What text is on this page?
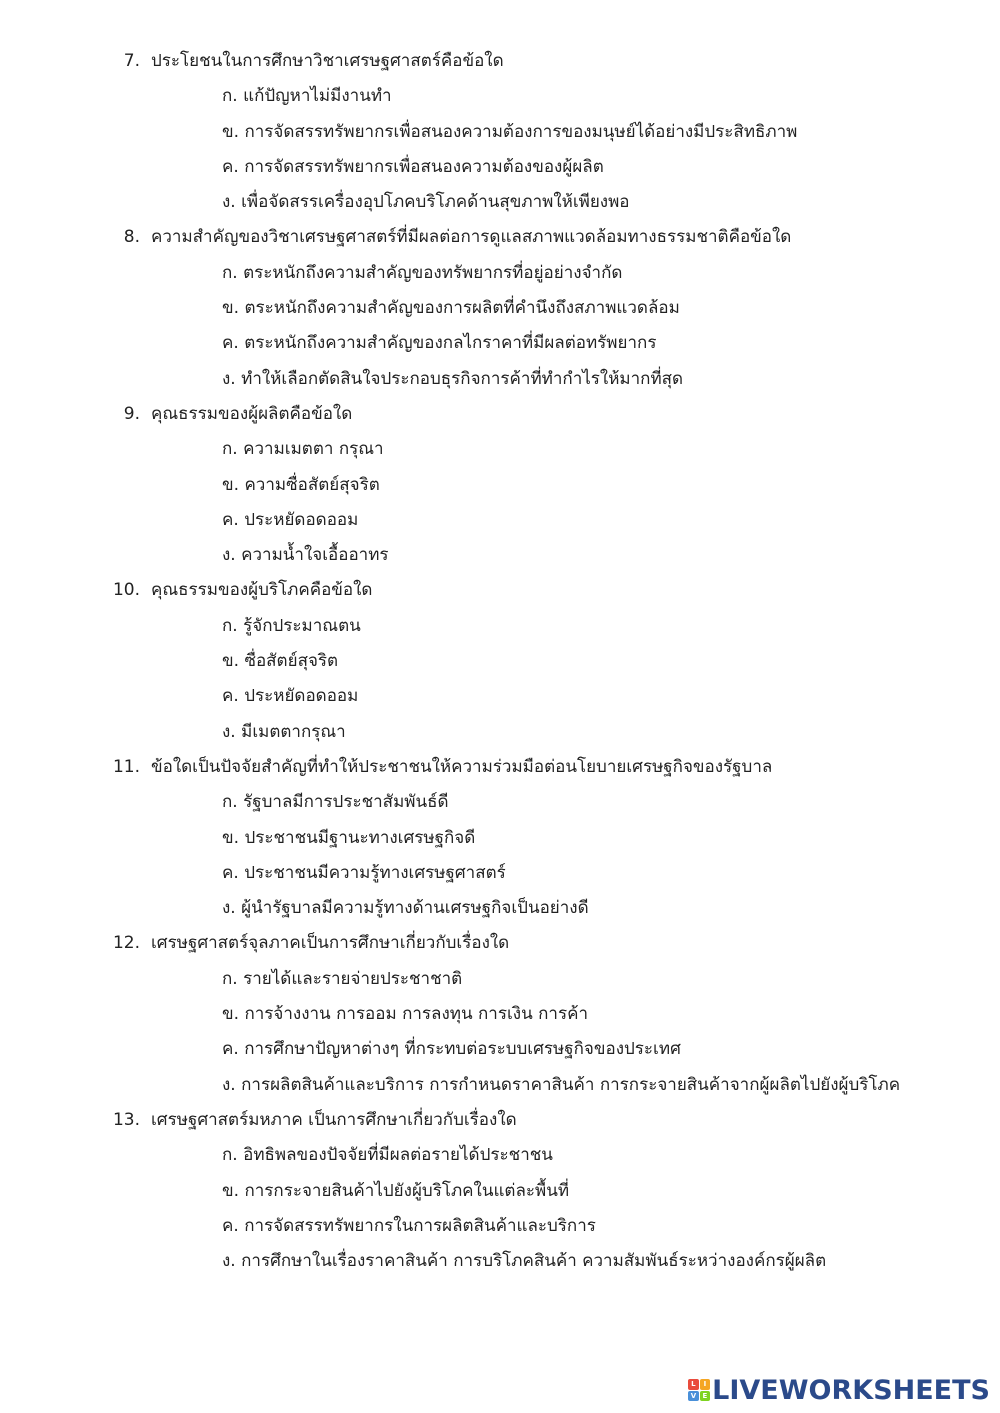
7. ประโยชนในการศึกษาวิชาเศรษฐศาสตร์คือข้อใด
ก. แก้ปัญหาไม่มีงานทำ
ข. การจัดสรรทรัพยากรเพื่อสนองความต้องการของมนุษย์ได้อย่างมีประสิทธิภาพ
ค. การจัดสรรทรัพยากรเพื่อสนองความต้องของผู้ผลิต
ง. เพื่อจัดสรรเครื่องอุปโภคบริโภคด้านสุขภาพให้เพียงพอ
8. ความสำคัญของวิชาเศรษฐศาสตร์ที่มีผลต่อการดูแลสภาพแวดล้อมทางธรรมชาติคือข้อใด
ก. ตระหนักถึงความสำคัญของทรัพยากรที่อยู่อย่างจำกัด
ข. ตระหนักถึงความสำคัญของการผลิตที่คำนึงถึงสภาพแวดล้อม
ค. ตระหนักถึงความสำคัญของกลไกราคาที่มีผลต่อทรัพยากร
ง. ทำให้เลือกตัดสินใจประกอบธุรกิจการค้าที่ทำกำไรให้มากที่สุด
9. คุณธรรมของผู้ผลิตคือข้อใด
ก. ความเมตตา กรุณา
ข. ความซื่อสัตย์สุจริต
ค. ประหยัดอดออม
ง. ความน้ำใจเอื้ออาทร
10. คุณธรรมของผู้บริโภคคือข้อใด
ก. รู้จักประมาณตน
ข. ซื่อสัตย์สุจริต
ค. ประหยัดอดออม
ง. มีเมตตากรุณา
11. ข้อใดเป็นปัจจัยสำคัญที่ทำให้ประชาชนให้ความร่วมมือต่อนโยบายเศรษฐกิจของรัฐบาล
ก. รัฐบาลมีการประชาสัมพันธ์ดี
ข. ประชาชนมีฐานะทางเศรษฐกิจดี
ค. ประชาชนมีความรู้ทางเศรษฐศาสตร์
ง. ผู้นำรัฐบาลมีความรู้ทางด้านเศรษฐกิจเป็นอย่างดี
12. เศรษฐศาสตร์จุลภาคเป็นการศึกษาเกี่ยวกับเรื่องใด
ก. รายได้และรายจ่ายประชาชาติ
ข. การจ้างงาน การออม การลงทุน การเงิน การค้า
ค. การศึกษาปัญหาต่างๆ ที่กระทบต่อระบบเศรษฐกิจของประเทศ
ง. การผลิตสินค้าและบริการ การกำหนดราคาสินค้า การกระจายสินค้าจากผู้ผลิตไปยังผู้บริโภค
13. เศรษฐศาสตร์มหภาค เป็นการศึกษาเกี่ยวกับเรื่องใด
ก. อิทธิพลของปัจจัยที่มีผลต่อรายได้ประชาชน
ข. การกระจายสินค้าไปยังผู้บริโภคในแต่ละพื้นที่
ค. การจัดสรรทรัพยากรในการผลิตสินค้าและบริการ
ง. การศึกษาในเรื่องราคาสินค้า การบริโภคสินค้า ความสัมพันธ์ระหว่างองค์กรผู้ผลิต
L	I
V E LIVEWORKSHEETS
